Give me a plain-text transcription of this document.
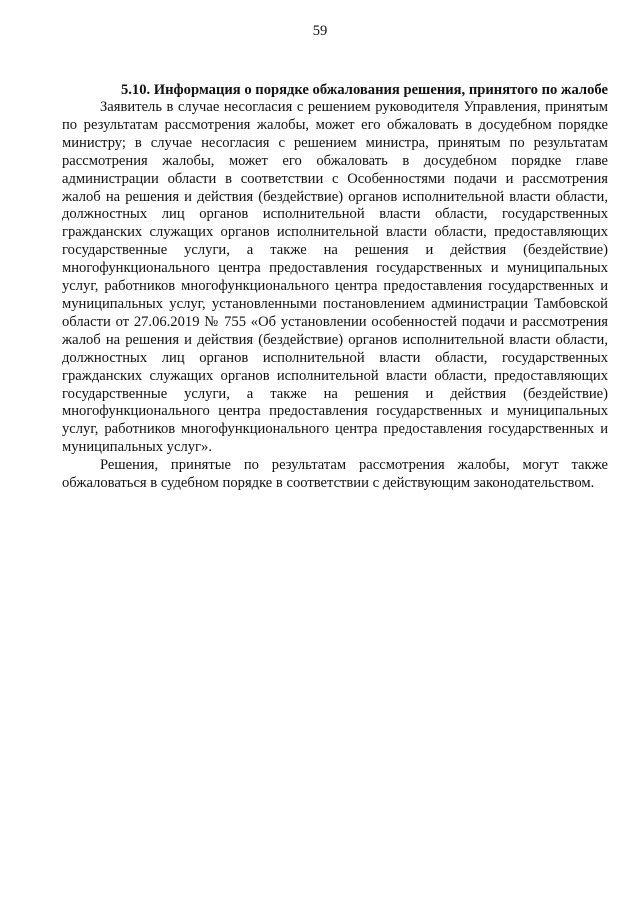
59

5.10. Информация о порядке обжалования решения, принятого по жалобе

Заявитель в случае несогласия с решением руководителя Управления, принятым по результатам рассмотрения жалобы, может его обжаловать в досудебном порядке министру; в случае несогласия с решением министра, принятым по результатам рассмотрения жалобы, может его обжаловать в досудебном порядке главе администрации области в соответствии с Особенностями подачи и рассмотрения жалоб на решения и действия (бездействие) органов исполнительной власти области, должностных лиц органов исполнительной власти области, государственных гражданских служащих органов исполнительной власти области, предоставляющих государственные услуги, а также на решения и действия (бездействие) многофункционального центра предоставления государственных и муниципальных услуг, работников многофункционального центра предоставления государственных и муниципальных услуг, установленными постановлением администрации Тамбовской области от 27.06.2019 № 755 «Об установлении особенностей подачи и рассмотрения жалоб на решения и действия (бездействие) органов исполнительной власти области, должностных лиц органов исполнительной власти области, государственных гражданских служащих органов исполнительной власти области, предоставляющих государственные услуги, а также на решения и действия (бездействие) многофункционального центра предоставления государственных и муниципальных услуг, работников многофункционального центра предоставления государственных и муниципальных услуг».

Решения, принятые по результатам рассмотрения жалобы, могут также обжаловаться в судебном порядке в соответствии с действующим законодательством.
